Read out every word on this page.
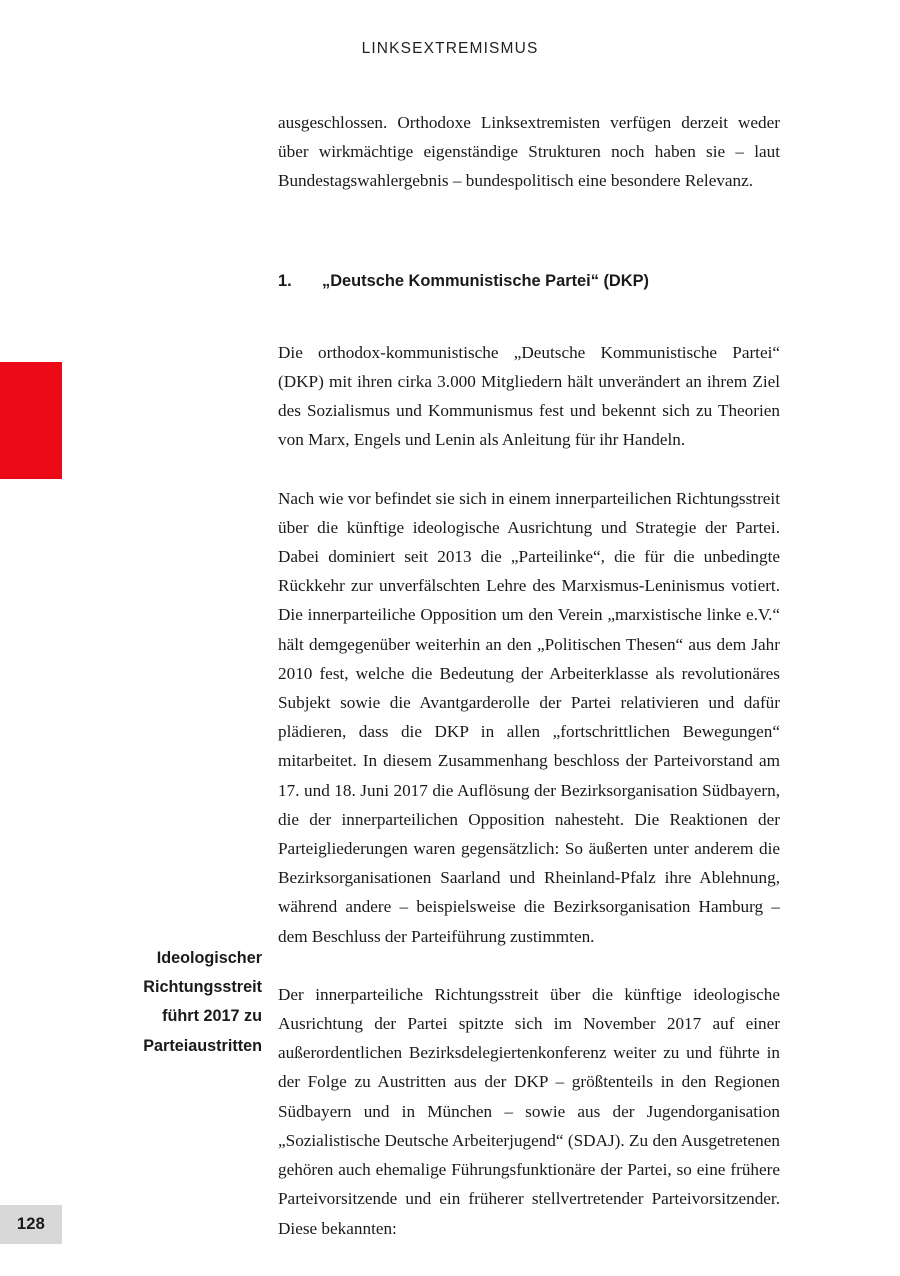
LINKSEXTREMISMUS
128

ausgeschlossen. Orthodoxe Linksextremisten verfügen derzeit weder über wirkmächtige eigenständige Strukturen noch haben sie – laut Bundestagswahlergebnis – bundespolitisch eine besondere Relevanz.

1.	„Deutsche Kommunistische Partei“ (DKP)

Die orthodox-kommunistische „Deutsche Kommunistische Partei“ (DKP) mit ihren cirka 3.000 Mitgliedern hält unverändert an ihrem Ziel des Sozialismus und Kommunismus fest und bekennt sich zu Theorien von Marx, Engels und Lenin als Anleitung für ihr Handeln.

Nach wie vor befindet sie sich in einem innerparteilichen Richtungsstreit über die künftige ideologische Ausrichtung und Strategie der Partei. Dabei dominiert seit 2013 die „Parteilinke“, die für die unbedingte Rückkehr zur unverfälschten Lehre des Marxismus-Leninismus votiert. Die innerparteiliche Opposition um den Verein „marxistische linke e.V.“ hält demgegenüber weiterhin an den „Politischen Thesen“ aus dem Jahr 2010 fest, welche die Bedeutung der Arbeiterklasse als revolutionäres Subjekt sowie die Avantgarderolle der Partei relativieren und dafür plädieren, dass die DKP in allen „fortschrittlichen Bewegungen“ mitarbeitet. In diesem Zusammenhang beschloss der Parteivorstand am 17. und 18. Juni 2017 die Auflösung der Bezirksorganisation Südbayern, die der innerparteilichen Opposition nahesteht. Die Reaktionen der Parteigliederungen waren gegensätzlich: So äußerten unter anderem die Bezirksorganisationen Saarland und Rheinland-Pfalz ihre Ablehnung, während andere – beispielsweise die Bezirksorganisation Hamburg – dem Beschluss der Parteiführung zustimmten.

Der innerparteiliche Richtungsstreit über die künftige ideologische Ausrichtung der Partei spitzte sich im November 2017 auf einer außerordentlichen Bezirksdelegiertenkonferenz weiter zu und führte in der Folge zu Austritten aus der DKP – größtenteils in den Regionen Südbayern und in München – sowie aus der Jugendorganisation „Sozialistische Deutsche Arbeiterjugend“ (SDAJ). Zu den Ausgetretenen gehören auch ehemalige Führungsfunktionäre der Partei, so eine frühere Parteivorsitzende und ein früherer stellvertretender Parteivorsitzender. Diese bekannten:

Ideologischer
Richtungsstreit
führt 2017 zu
Parteiaustritten
